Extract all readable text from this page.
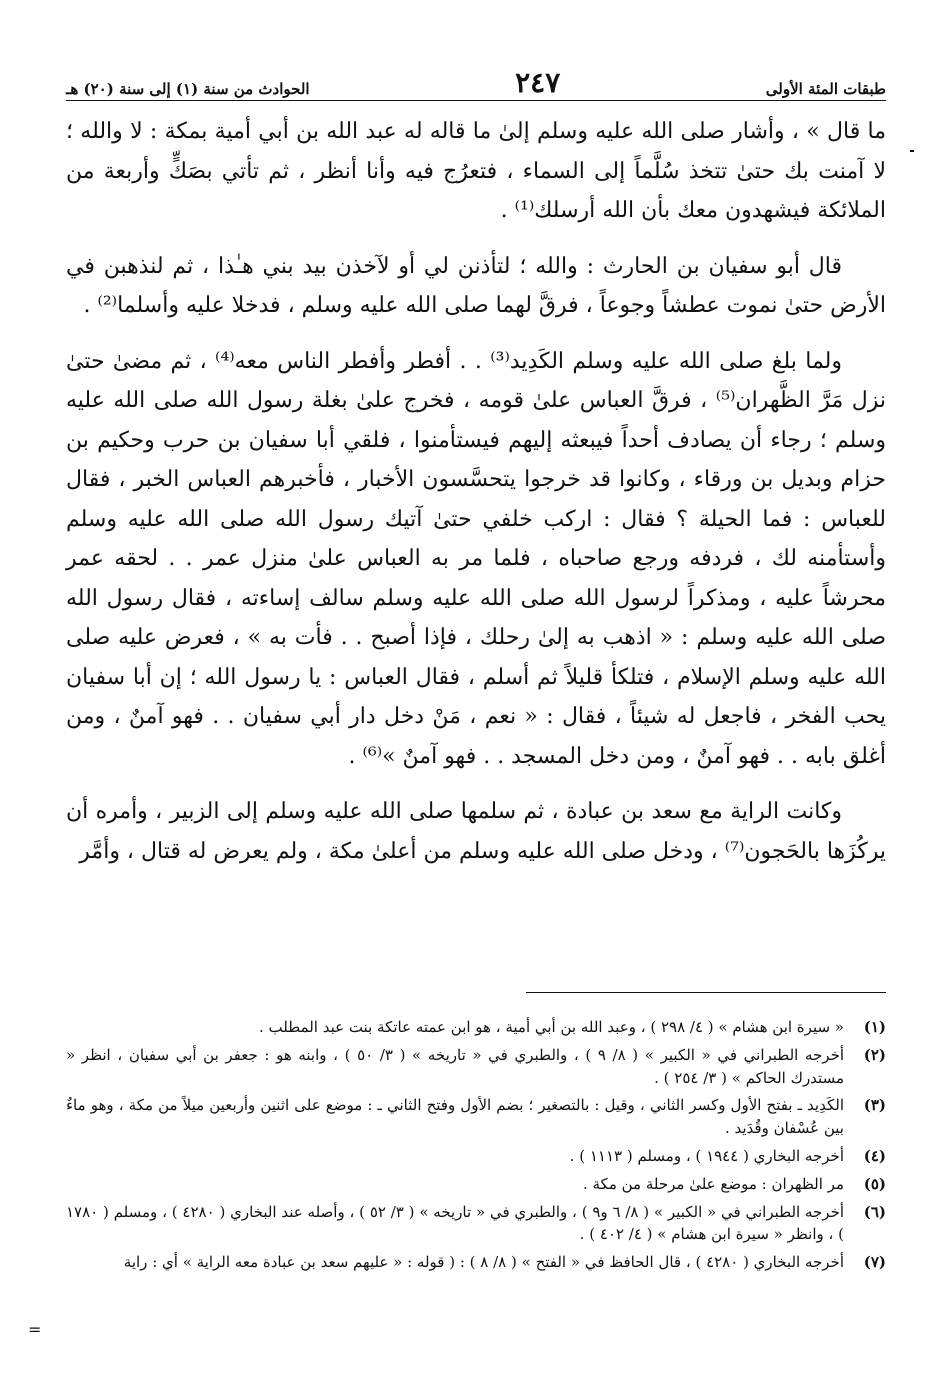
طبقات المئة الأولى
٢٤٧
الحوادث من سنة (١) إلى سنة (٢٠) هـ

ما قال » ، وأشار صلى الله عليه وسلم إلىٰ ما قاله له عبد الله بن أبي أمية بمكة : لا والله ؛ لا آمنت بك حتىٰ تتخذ سُلَّماً إلى السماء ، فتعرُج فيه وأنا أنظر ، ثم تأتي بصَكٍّ وأربعة من الملائكة فيشهدون معك بأن الله أرسلك⁽¹⁾ .

قال أبو سفيان بن الحارث : والله ؛ لتأذنن لي أو لآخذن بيد بني هـٰذا ، ثم لنذهبن في الأرض حتىٰ نموت عطشاً وجوعاً ، فرقَّ لهما صلى الله عليه وسلم ، فدخلا عليه وأسلما⁽²⁾ .

ولما بلغ صلى الله عليه وسلم الكَدِيد⁽³⁾ . . أفطر وأفطر الناس معه⁽⁴⁾ ، ثم مضىٰ حتىٰ نزل مَرَّ الظَّهران⁽⁵⁾ ، فرقَّ العباس علىٰ قومه ، فخرج علىٰ بغلة رسول الله صلى الله عليه وسلم ؛ رجاء أن يصادف أحداً فيبعثه إليهم فيستأمنوا ، فلقي أبا سفيان بن حرب وحكيم بن حزام وبديل بن ورقاء ، وكانوا قد خرجوا يتحسَّسون الأخبار ، فأخبرهم العباس الخبر ، فقال للعباس : فما الحيلة ؟ فقال : اركب خلفي حتىٰ آتيك رسول الله صلى الله عليه وسلم وأستأمنه لك ، فردفه ورجع صاحباه ، فلما مر به العباس علىٰ منزل عمر . . لحقه عمر محرشاً عليه ، ومذكراً لرسول الله صلى الله عليه وسلم سالف إساءته ، فقال رسول الله صلى الله عليه وسلم : « اذهب به إلىٰ رحلك ، فإذا أصبح . . فأت به » ، فعرض عليه صلى الله عليه وسلم الإسلام ، فتلكأ قليلاً ثم أسلم ، فقال العباس : يا رسول الله ؛ إن أبا سفيان يحب الفخر ، فاجعل له شيئاً ، فقال : « نعم ، مَنْ دخل دار أبي سفيان . . فهو آمنٌ ، ومن أغلق بابه . . فهو آمنٌ ، ومن دخل المسجد . . فهو آمنٌ »⁽⁶⁾ .

وكانت الراية مع سعد بن عبادة ، ثم سلمها صلى الله عليه وسلم إلى الزبير ، وأمره أن يركُزَها بالحَجون⁽⁷⁾ ، ودخل صلى الله عليه وسلم من أعلىٰ مكة ، ولم يعرض له قتال ، وأمَّر

(١)
« سيرة ابن هشام » ( ٤/ ٢٩٨ ) ، وعبد الله بن أبي أمية ، هو ابن عمته عاتكة بنت عبد المطلب .
(٢)
أخرجه الطبراني في « الكبير » ( ٨/ ٩ ) ، والطبري في « تاريخه » ( ٣/ ٥٠ ) ، وابنه هو : جعفر بن أبي سفيان ، انظر « مستدرك الحاكم » ( ٣/ ٢٥٤ ) .
(٣)
الكَدِيد ـ بفتح الأول وكسر الثاني ، وقيل : بالتصغير ؛ بضم الأول وفتح الثاني ـ : موضع على اثنين وأربعين ميلاً من مكة ، وهو ماءٌ بين عُسْفان وقُدَيد .
(٤)
أخرجه البخاري ( ١٩٤٤ ) ، ومسلم ( ١١١٣ ) .
(٥)
مر الظهران : موضع علىٰ مرحلة من مكة .
(٦)
أخرجه الطبراني في « الكبير » ( ٨/ ٦ و٩ ) ، والطبري في « تاريخه » ( ٣/ ٥٢ ) ، وأصله عند البخاري ( ٤٢٨٠ ) ، ومسلم ( ١٧٨٠ ) ، وانظر « سيرة ابن هشام » ( ٤/ ٤٠٢ ) .
(٧)
أخرجه البخاري ( ٤٢٨٠ ) ، قال الحافظ في « الفتح » ( ٨/ ٨ ) : ( قوله : « عليهم سعد بن عبادة معه الراية » أي : راية
=
